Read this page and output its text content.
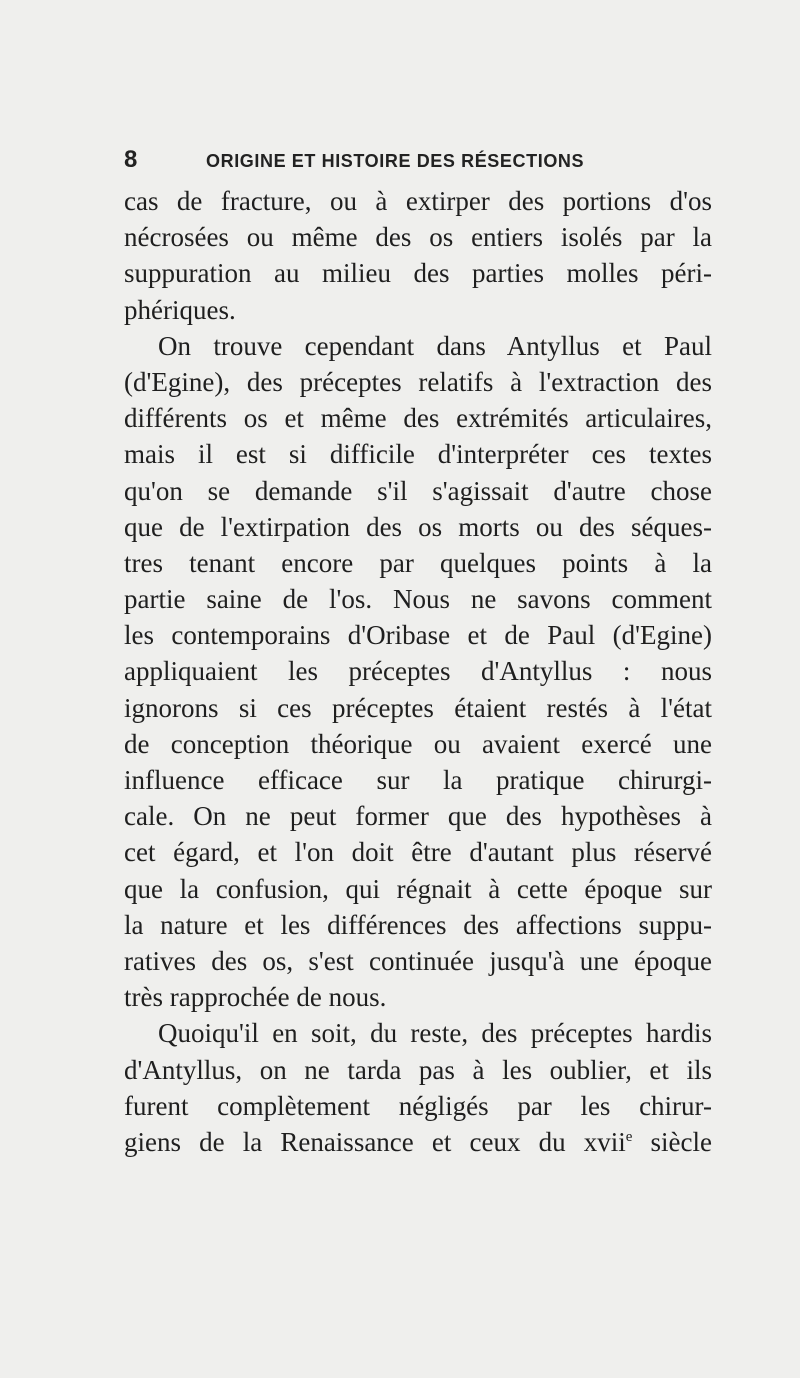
8	ORIGINE ET HISTOIRE DES RÉSECTIONS
cas de fracture, ou à extirper des portions d'os
nécrosées ou même des os entiers isolés par la
suppuration au milieu des parties molles péri-
phériques.
On trouve cependant dans Antyllus et Paul
(d'Egine), des préceptes relatifs à l'extraction des
différents os et même des extrémités articulaires,
mais il est si difficile d'interpréter ces textes
qu'on se demande s'il s'agissait d'autre chose
que de l'extirpation des os morts ou des séques-
tres tenant encore par quelques points à la
partie saine de l'os. Nous ne savons comment
les contemporains d'Oribase et de Paul (d'Egine)
appliquaient les préceptes d'Antyllus : nous
ignorons si ces préceptes étaient restés à l'état
de conception théorique ou avaient exercé une
influence efficace sur la pratique chirurgi-
cale. On ne peut former que des hypothèses à
cet égard, et l'on doit être d'autant plus réservé
que la confusion, qui régnait à cette époque sur
la nature et les différences des affections suppu-
ratives des os, s'est continuée jusqu'à une époque
très rapprochée de nous.
Quoiqu'il en soit, du reste, des préceptes hardis
d'Antyllus, on ne tarda pas à les oublier, et ils
furent complètement négligés par les chirur-
giens de la Renaissance et ceux du xvii$^e$ siècle
